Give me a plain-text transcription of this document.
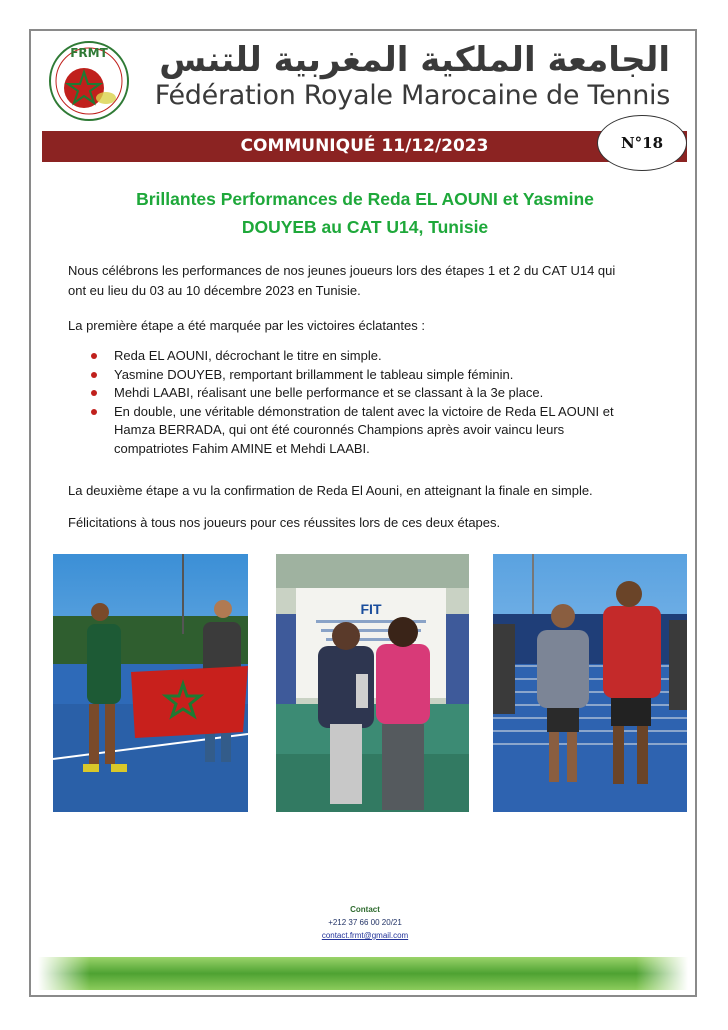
FRMT الجامعة الملكية المغربية للتنس
Fédération Royale Marocaine de Tennis
COMMUNIQUÉ 11/12/2023	N°18
Brillantes Performances de Reda EL AOUNI et Yasmine
DOUYEB au CAT U14, Tunisie
Nous célébrons les performances de nos jeunes joueurs lors des étapes 1 et 2 du CAT U14 qui
ont eu lieu du 03 au 10 décembre 2023 en Tunisie.
La première étape a été marquée par les victoires éclatantes :
Reda EL AOUNI, décrochant le titre en simple.
Yasmine DOUYEB, remportant brillamment le tableau simple féminin.
Mehdi LAABI, réalisant une belle performance et se classant à la 3e place.
En double, une véritable démonstration de talent avec la victoire de Reda EL AOUNI et
Hamza BERRADA, qui ont été couronnés Champions après avoir vaincu leurs
compatriotes Fahim AMINE et Mehdi LAABI.
La deuxième étape a vu la confirmation de Reda El Aouni, en atteignant la finale en simple.
Félicitations à tous nos joueurs pour ces réussites lors de ces deux étapes.
FIT
Contact
+212 37 66 00 20/21
contact.frmt@gmail.com
